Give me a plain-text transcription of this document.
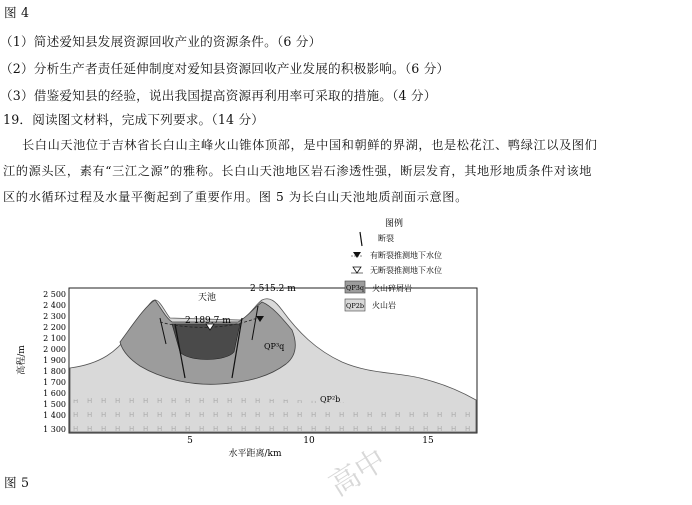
图 4
（1）简述爱知县发展资源回收产业的资源条件。（6 分）
（2）分析生产者责任延伸制度对爱知县资源回收产业发展的积极影响。（6 分）
（3）借鉴爱知县的经验，说出我国提高资源再利用率可采取的措施。（4 分）
19．阅读图文材料，完成下列要求。（14 分）
长白山天池位于吉林省长白山主峰火山锥体顶部，是中国和朝鲜的界湖，也是松花江、鸭绿江以及图们
江的源头区，素有“三江之源”的雅称。长白山天池地区岩石渗透性强，断层发育，其地形地质条件对该地
区的水循环过程及水量平衡起到了重要作用。图 5 为长白山天池地质剖面示意图。
天池
2 189.7 m
2 515.2 m
QP³q
QP²b
2 500
2 400
2 300
2 200
2 100
2 000
1 900
1 800
1 700
1 600
1 500
1 400
1 300
高程/m
5	10	15
水平距离/km
图例
断裂
有断裂推测地下水位
无断裂推测地下水位
QP3q 火山碎屑岩
QP2b 火山岩
图 5	高中
